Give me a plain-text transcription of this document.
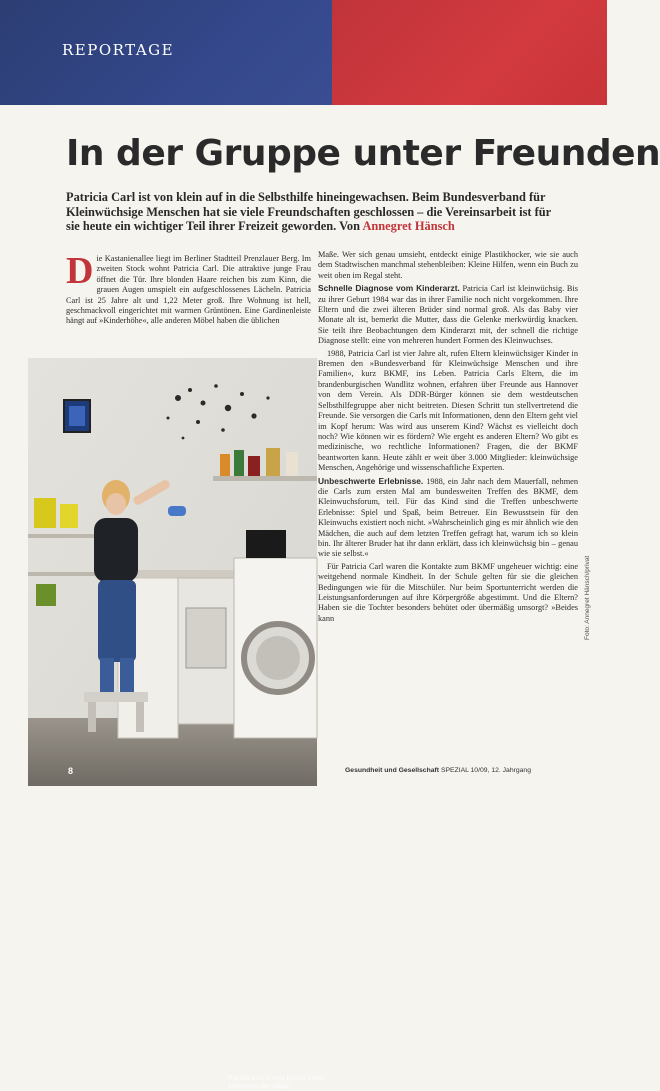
REPORTAGE
In der Gruppe unter Freunden
Patricia Carl ist von klein auf in die Selbsthilfe hineingewachsen. Beim Bundesverband für Kleinwüchsige Menschen hat sie viele Freundschaften geschlossen – die Vereinsarbeit ist für sie heute ein wichtiger Teil ihrer Freizeit geworden. Von Annegret Hänsch
Die Kastanienallee liegt im Berliner Stadtteil Prenzlauer Berg. Im zweiten Stock wohnt Patricia Carl. Die attraktive junge Frau öffnet die Tür. Ihre blonden Haare reichen bis zum Kinn, die grauen Augen umspielt ein aufgeschlossenes Lächeln. Patricia Carl ist 25 Jahre alt und 1,22 Meter groß. Ihre Wohnung ist hell, geschmackvoll eingerichtet mit warmen Grüntönen. Eine Gardinenleiste hängt auf »Kinderhöhe«, alle anderen Möbel haben die üblichen
Patricia Carl in ihrer Küche: Hilfen erleichtern den Alltag.

Maße. Wer sich genau umsieht, entdeckt einige Plastikhocker, wie sie auch dem Stadtwischen manchmal stehenbleiben: Kleine Hilfen, wenn ein Buch zu weit oben im Regal steht.

Schnelle Diagnose vom Kinderarzt. Patricia Carl ist kleinwüchsig. Bis zu ihrer Geburt 1984 war das in ihrer Familie noch nicht vorgekommen. Ihre Eltern und die zwei älteren Brüder sind normal groß. Als das Baby vier Monate alt ist, bemerkt die Mutter, dass die Gelenke merkwürdig knacken. Sie teilt ihre Beobachtungen dem Kinderarzt mit, der schnell die richtige Diagnose stellt: eine von mehreren hundert Formen des Kleinwuchses.

1988, Patricia Carl ist vier Jahre alt, rufen Eltern kleinwüchsiger Kinder in Bremen den »Bundesverband für Kleinwüchsige Menschen und ihre Familien«, kurz BKMF, ins Leben. Patricia Carls Eltern, die im brandenburgischen Wandlitz wohnen, erfahren über Freunde aus Hannover von dem Verein. Als DDR-Bürger können sie dem westdeutschen Selbsthilfegruppe aber nicht beitreten. Diesen Schritt tun stellvertretend die Freunde. Sie versorgen die Carls mit Informationen, denn den Eltern geht viel im Kopf herum: Was wird aus unserem Kind? Wächst es vielleicht doch noch? Wie können wir es fördern? Wie ergeht es anderen Eltern? Wo gibt es medizinische, wo rechtliche Informationen? Fragen, die der BKMF beantworten kann. Heute zählt er weit über 3.000 Mitglieder: kleinwüchsige Menschen, Angehörige und wissenschaftliche Experten.

Unbeschwerte Erlebnisse. 1988, ein Jahr nach dem Mauerfall, nehmen die Carls zum ersten Mal am bundesweiten Treffen des BKMF, dem Kleinwuchsforum, teil. Für das Kind sind die Treffen unbeschwerte Erlebnisse: Spiel und Spaß, beim Betreuer. Ein Bewusstsein für den Kleinwuchs existiert noch nicht. »Wahrscheinlich ging es mir ähnlich wie den Mädchen, die auch auf dem letzten Treffen gefragt hat, warum ich so klein bin. Ihr älterer Bruder hat ihr dann erklärt, dass ich kleinwüchsig bin – genau wie sie selbst.«

Für Patricia Carl waren die Kontakte zum BKMF ungeheuer wichtig: eine weitgehend normale Kindheit. In der Schule gelten für sie die gleichen Bedingungen wie für die Mitschüler. Nur beim Sportunterricht werden die Leistungsanforderungen auf ihre Körpergröße abgestimmt. Und die Eltern? Haben sie die Tochter besonders behütet oder übermäßig umsorgt? »Beides kann	Foto: Annegret Hänsch/privat
8	Gesundheit und Gesellschaft SPEZIAL 10/09, 12. Jahrgang
